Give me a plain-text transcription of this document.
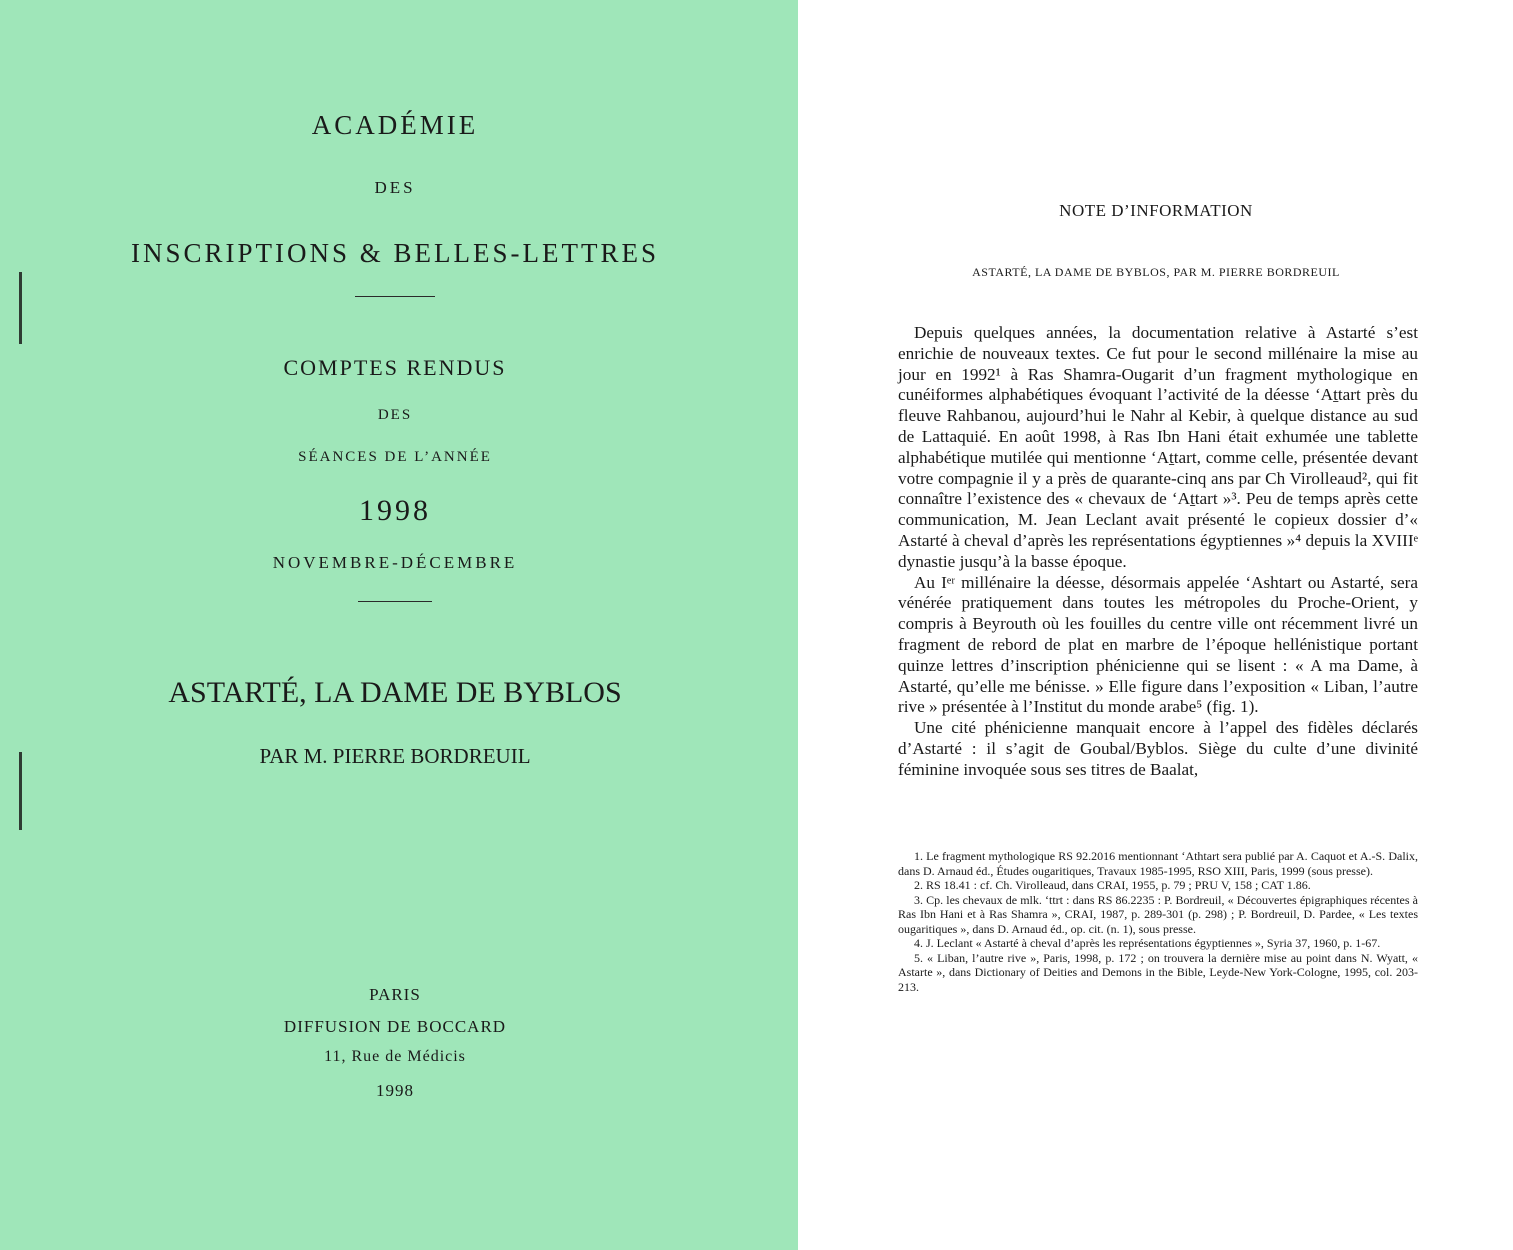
ACADÉMIE
DES
INSCRIPTIONS & BELLES-LETTRES
COMPTES RENDUS
DES
SÉANCES DE L’ANNÉE
1998
NOVEMBRE-DÉCEMBRE
ASTARTÉ, LA DAME DE BYBLOS
PAR M. PIERRE BORDREUIL
PARIS
DIFFUSION DE BOCCARD
11, Rue de Médicis
1998
NOTE D’INFORMATION
ASTARTÉ, LA DAME DE BYBLOS, PAR M. PIERRE BORDREUIL

Depuis quelques années, la documentation relative à Astarté s’est enrichie de nouveaux textes. Ce fut pour le second millénaire la mise au jour en 1992¹ à Ras Shamra-Ougarit d’un fragment mythologique en cunéiformes alphabétiques évoquant l’activité de la déesse ‘Aṯtart près du fleuve Rahbanou, aujourd’hui le Nahr al Kebir, à quelque distance au sud de Lattaquié. En août 1998, à Ras Ibn Hani était exhumée une tablette alphabétique mutilée qui mentionne ‘Aṯtart, comme celle, présentée devant votre compagnie il y a près de quarante-cinq ans par Ch Virolleaud², qui fit connaître l’existence des « chevaux de ‘Aṯtart »³. Peu de temps après cette communication, M. Jean Leclant avait présenté le copieux dossier d’« Astarté à cheval d’après les représentations égyptiennes »⁴ depuis la XVIIIᵉ dynastie jusqu’à la basse époque.

Au Iᵉʳ millénaire la déesse, désormais appelée ‘Ashtart ou Astarté, sera vénérée pratiquement dans toutes les métropoles du Proche-Orient, y compris à Beyrouth où les fouilles du centre ville ont récemment livré un fragment de rebord de plat en marbre de l’époque hellénistique portant quinze lettres d’inscription phénicienne qui se lisent : « A ma Dame, à Astarté, qu’elle me bénisse. » Elle figure dans l’exposition « Liban, l’autre rive » présentée à l’Institut du monde arabe⁵ (fig. 1).

Une cité phénicienne manquait encore à l’appel des fidèles déclarés d’Astarté : il s’agit de Goubal/Byblos. Siège du culte d’une divinité féminine invoquée sous ses titres de Baalat,

1. Le fragment mythologique RS 92.2016 mentionnant ‘Athtart sera publié par A. Caquot et A.-S. Dalix, dans D. Arnaud éd., Études ougaritiques, Travaux 1985-1995, RSO XIII, Paris, 1999 (sous presse).

2. RS 18.41 : cf. Ch. Virolleaud, dans CRAI, 1955, p. 79 ; PRU V, 158 ; CAT 1.86.

3. Cp. les chevaux de mlk. ‘ttrt : dans RS 86.2235 : P. Bordreuil, « Découvertes épigraphiques récentes à Ras Ibn Hani et à Ras Shamra », CRAI, 1987, p. 289-301 (p. 298) ; P. Bordreuil, D. Pardee, « Les textes ougaritiques », dans D. Arnaud éd., op. cit. (n. 1), sous presse.

4. J. Leclant « Astarté à cheval d’après les représentations égyptiennes », Syria 37, 1960, p. 1-67.

5. « Liban, l’autre rive », Paris, 1998, p. 172 ; on trouvera la dernière mise au point dans N. Wyatt, « Astarte », dans Dictionary of Deities and Demons in the Bible, Leyde-New York-Cologne, 1995, col. 203-213.
